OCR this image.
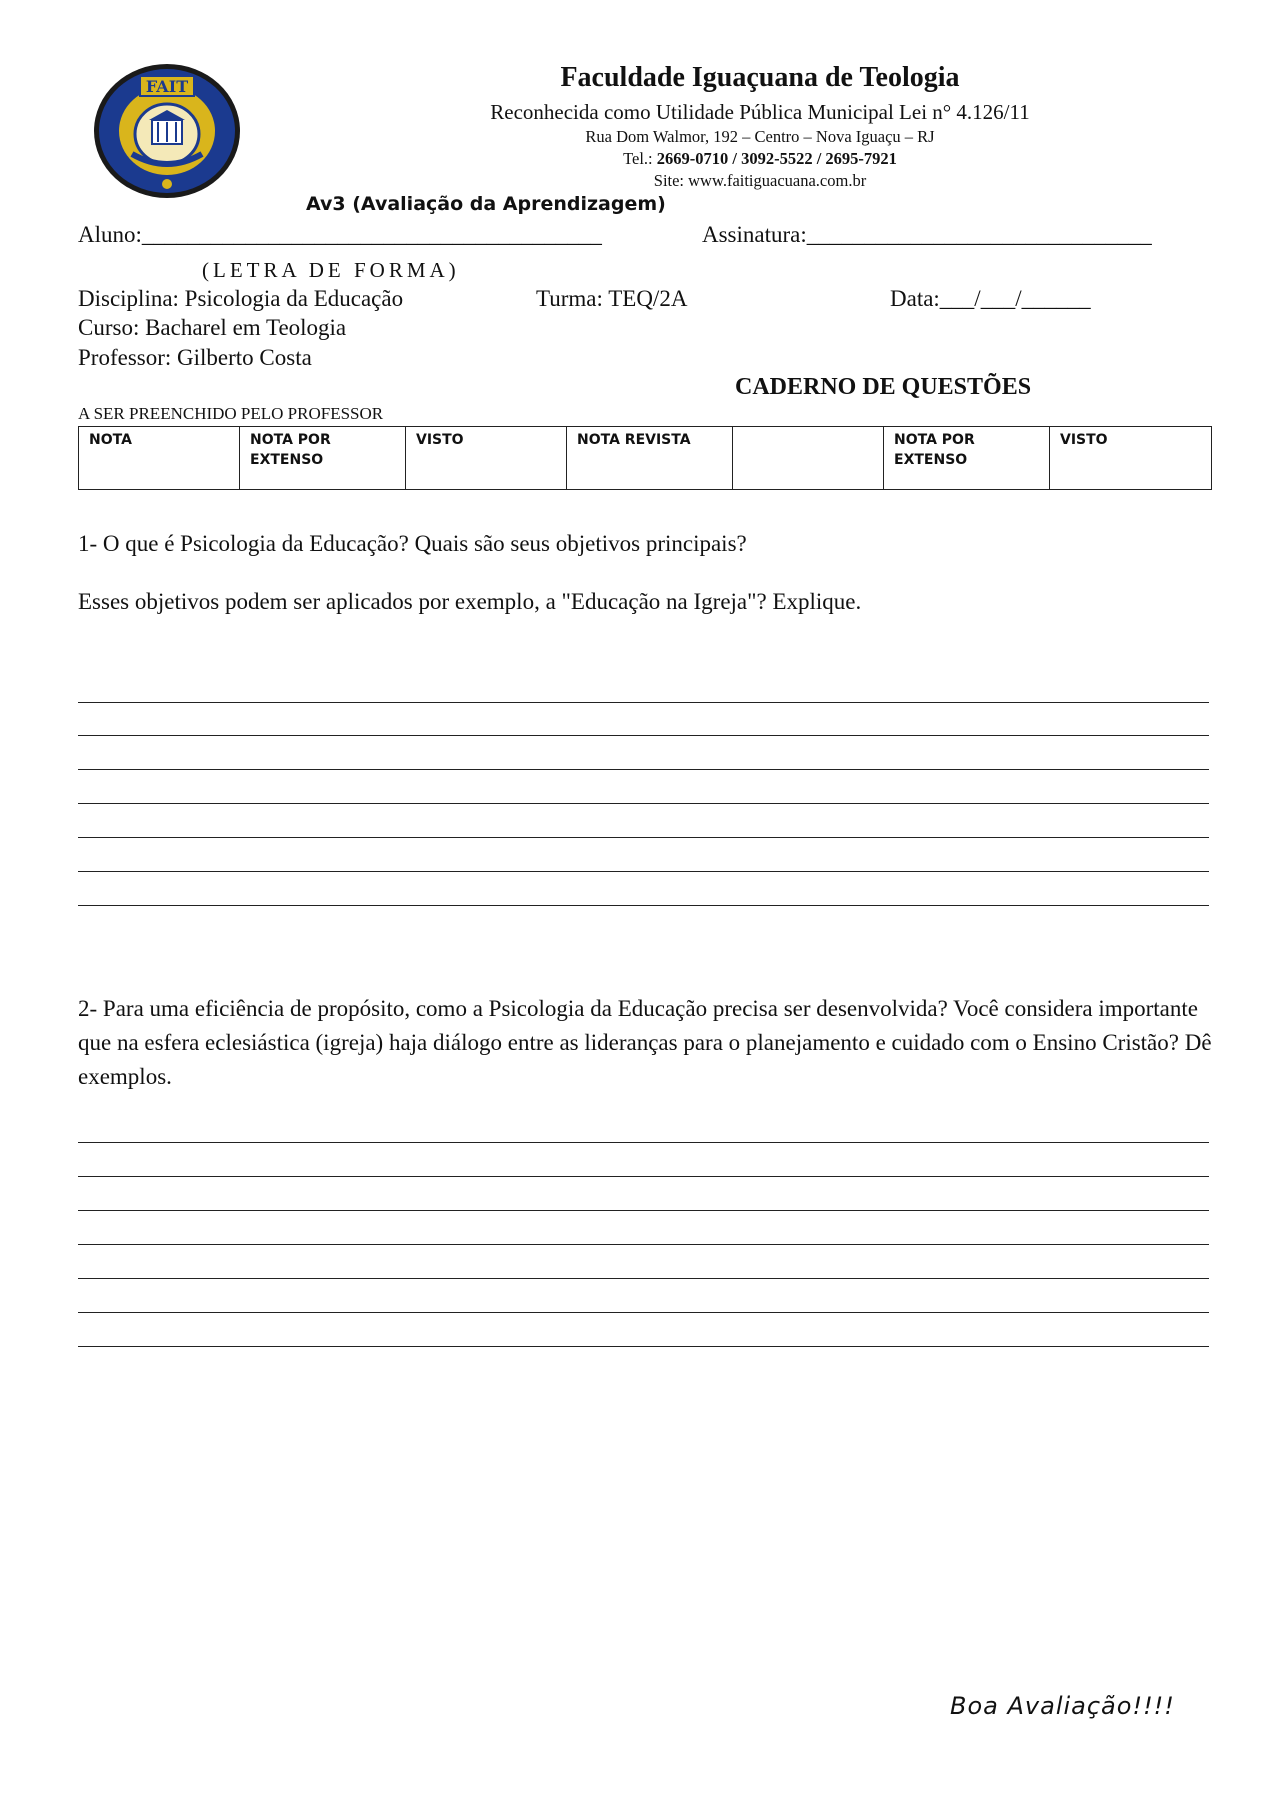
FAIT	Faculdade Iguaçuana de Teologia
Reconhecida como Utilidade Pública Municipal Lei n° 4.126/11
Rua Dom Walmor, 192 – Centro – Nova Iguaçu – RJ
Tel.: 2669-0710 / 3092-5522 / 2695-7921
Site: www.faitiguacuana.com.br
Av3 (Avaliação da Aprendizagem)
Aluno:________________________________________	Assinatura:______________________________
(LETRA DE FORMA)
Disciplina: Psicologia da Educação	Turma: TEQ/2A	Data:___/___/______
Curso: Bacharel em Teologia
Professor: Gilberto Costa
CADERNO DE QUESTÕES
A SER PREENCHIDO PELO PROFESSOR
NOTA	NOTA POR EXTENSO	VISTO	NOTA REVISTA		NOTA POR EXTENSO	VISTO
1- O que é Psicologia da Educação? Quais são seus objetivos principais?
Esses objetivos podem ser aplicados por exemplo, a "Educação na Igreja"? Explique.
2- Para uma eficiência de propósito, como a Psicologia da Educação precisa ser desenvolvida? Você considera importante que na esfera eclesiástica (igreja) haja diálogo entre as lideranças para o planejamento e cuidado com o Ensino Cristão? Dê exemplos.
Boa Avaliação!!!!
